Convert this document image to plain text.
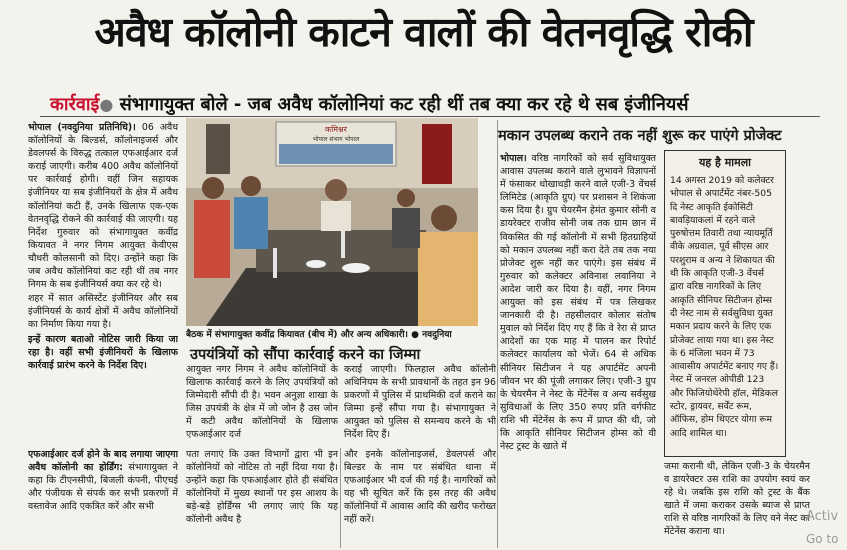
अवैध कॉलोनी काटने वालों की वेतनवृद्धि रोकी
कार्रवाई● संभागायुक्त बोले - जब अवैध कॉलोनियां कट रही थीं तब क्या कर रहे थे सब इंजीनियर्स

भोपाल (नवदुनिया प्रतिनिधि)। 06 अवैध कॉलोनियों के बिल्डर्स, कॉलोनाइजर्स और डेवलपर्स के विरुद्ध तत्काल एफआईआर दर्ज कराई जाएगी। करीब 400 अवैध कॉलोनियों पर कार्रवाई होगी। वहीं जिन सहायक इंजीनियर या सब इंजीनियरों के क्षेत्र में अवैध कॉलोनियां कटी हैं, उनके खिलाफ एक-एक वेतनवृद्धि रोकने की कार्रवाई की जाएगी। यह निर्देश गुरुवार को संभागायुक्त कवींद्र कियावत ने नगर निगम आयुक्त केवीएस चौधरी कोलसानी को दिए। उन्होंने कहा कि जब अवैध कॉलोनियां कट रही थीं तब नगर निगम के सब इंजीनियर्स क्या कर रहे थे।

शहर में सात असिस्टेंट इंजीनियर और सब इंजीनियर्स के कार्य क्षेत्रों में अवैध कॉलोनियों का निर्माण किया गया है।

इन्हें कारण बताओ नोटिस जारी किया जा रहा है। वहीं सभी इंजीनियरों के खिलाफ कार्रवाई प्रारंभ करने के निर्देश दिए।

एफआईआर दर्ज होने के बाद लगाया जाएगा अवैध कॉलोनी का होर्डिंग: संभागायुक्त ने कहा कि टीएनसीपी, बिजली कंपनी, पीएचई और पंजीयक से संपर्क कर सभी प्रकरणों में वस्तावेज आदि एकत्रित करें और सभी

कमिश्नर
भोपाल संभाग भोपाल
बैठक में संभागायुक्त कवींद्र कियावत (बीच में) और अन्य अधिकारी। ● नवदुनिया
उपयंत्रियों को सौंपा कार्रवाई करने का जिम्मा

आयुक्त नगर निगम ने अवैध कॉलोनियों के खिलाफ कार्रवाई करने के लिए उपयंत्रियों को जिम्मेदारी सौंपी दी है। भवन अनुज्ञा शाखा के जिस उपयंत्री के क्षेत्र में जो जोन है उस जोन में कटी अवैध कॉलोनियों के खिलाफ एफआईआर दर्ज

कराई जाएगी। फिलहाल अवैध कॉलोनी अधिनियम के सभी प्रावधानों के तहत इन 96 प्रकरणों में पुलिस में प्राथमिकी दर्ज कराने का जिम्मा इन्हें सौंपा गया है। संभागायुक्त ने आयुक्त को पुलिस से समन्वय करने के भी निर्देश दिए हैं।

पता लगाएं कि उक्त विभागों द्वारा भी इन कॉलोनियों को नोटिस तो नहीं दिया गया है। उन्होंने कहा कि एफआईआर होते ही संबंधित कॉलोनियों में मुख्य स्थानों पर इस आशय के बड़े-बड़े होर्डिंग्स भी लगाए जाएं कि यह कॉलोनी अवैध है

और इनके कॉलोनाइजर्स, डेवलपर्स और बिल्डर के नाम पर संबंधित थाना में एफआईआर भी दर्ज की गई है। नागरिकों को यह भी सूचित करें कि इस तरह की अवैध कॉलोनियों में आवास आदि की खरीद फरोख्त नहीं करें।

मकान उपलब्ध कराने तक नहीं शुरू कर पाएंगे प्रोजेक्ट

भोपाल। वरिष्ठ नागरिकों को सर्व सुविधायुक्त आवास उपलब्ध कराने वाले लुभावने विज्ञापनों में फंसाकर धोखाधड़ी करने वाले एजी-3 वेंचर्स लिमिटेड (आकृति ग्रुप) पर प्रशासन ने शिकंजा कस दिया है। ग्रुप चेयरमैन हेमंत कुमार सोनी व डायरेक्टर राजीव सोनी जब तक ग्राम छान में विकसित की गई कॉलोनी में सभी हितग्राहियों को मकान उपलब्ध नहीं करा देते तब तक नया प्रोजेक्ट शुरू नहीं कर पाएंगे। इस संबंध में गुरुवार को कलेक्टर अविनाश लवानिया ने आदेश जारी कर दिया है। वहीं, नगर निगम आयुक्त को इस संबंध में पत्र लिखकर जानकारी दी है। तहसीलदार कोलार संतोष मुवाल को निर्देश दिए गए हैं कि वे रेरा से प्राप्त आदेशों का एक माह में पालन कर रिपोर्ट कलेक्टर कार्यालय को भेजें। 64 से अधिक सीनियर सिटीजन ने यह अपार्टमेंट अपनी जीवन भर की पूंजी लगाकर लिए। एजी-3 ग्रुप के चेयरमैन ने नेस्ट के मेंटेनेंस व अन्य सर्वसुख सुविधाओं के लिए 350 रुपए प्रति वर्गफीट राशि भी मेंटेनेंस के रूप में प्राप्त की थी, जो कि आकृति सीनियर सिटीजन होम्स को वी नेस्ट ट्रस्ट के खाते में

यह है मामला
14 अगस्त 2019 को कलेक्टर भोपाल से अपार्टमेंट नंबर-505 दि नेस्ट आकृति ईकोसिटी बावड़ियाकलां में रहने वाले पुरुषोत्तम तिवारी तथा न्यायमूर्ति वीके अग्रवाल, पूर्व सीएस आर परशुराम व अन्य ने शिकायत की थी कि आकृति एजी-3 वेंचर्स द्वारा वरिष्ठ नागरिकों के लिए आकृति सीनियर सिटीजन होम्स दी नेस्ट नाम से सर्वसुविधा युक्त मकान प्रदाय करने के लिए एक प्रोजेक्ट लाया गया था। इस नेस्ट के 6 मंजिला भवन में 73 आवासीय अपार्टमेंट बनाए गए हैं। नेस्ट में जनरल ओपीडी 123 और फिजियोथेरेपी हॉल, मेडिकल स्टोर, ड्रायवर, सर्वेंट रूम, ऑफिस, होम थिएटर योगा रूम आदि शामिल था।

जमा करानी थी, लेकिन एजी-3 के चेयरमैन व डायरेक्टर उस राशि का उपयोग स्वयं कर रहे थे। जबकि इस राशि को ट्रस्ट के बैंक खाते में जमा कराकर उसके ब्याज से प्राप्त राशि से वरिष्ठ नागरिकों के लिए वने नेस्ट का मेंटेनेंस कराना था।

Activ
Go to
